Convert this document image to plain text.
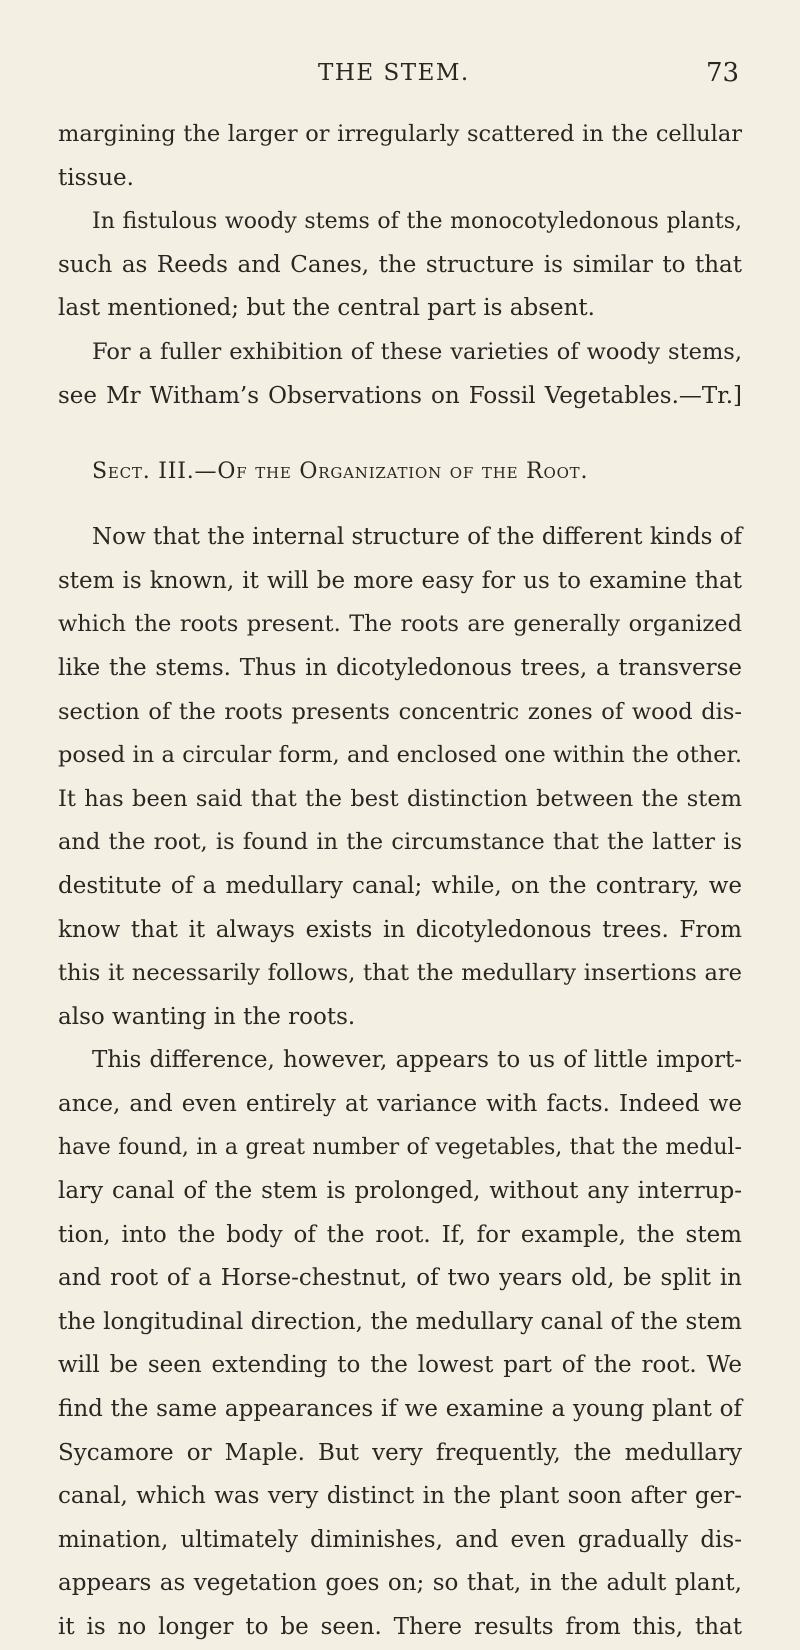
THE STEM.	73
margining the larger or irregularly scattered in the cellular
tissue.
In fistulous woody stems of the monocotyledonous plants,
such as Reeds and Canes, the structure is similar to that
last mentioned; but the central part is absent.
For a fuller exhibition of these varieties of woody stems,
see Mr Witham’s Observations on Fossil Vegetables.—Tr.]
Sect. III.—Of the Organization of the Root.
Now that the internal structure of the different kinds of
stem is known, it will be more easy for us to examine that
which the roots present. The roots are generally organized
like the stems. Thus in dicotyledonous trees, a transverse
section of the roots presents concentric zones of wood dis-
posed in a circular form, and enclosed one within the other.
It has been said that the best distinction between the stem
and the root, is found in the circumstance that the latter is
destitute of a medullary canal; while, on the contrary, we
know that it always exists in dicotyledonous trees. From
this it necessarily follows, that the medullary insertions are
also wanting in the roots.
This difference, however, appears to us of little import-
ance, and even entirely at variance with facts. Indeed we
have found, in a great number of vegetables, that the medul-
lary canal of the stem is prolonged, without any interrup-
tion, into the body of the root. If, for example, the stem
and root of a Horse-chestnut, of two years old, be split in
the longitudinal direction, the medullary canal of the stem
will be seen extending to the lowest part of the root. We
find the same appearances if we examine a young plant of
Sycamore or Maple. But very frequently, the medullary
canal, which was very distinct in the plant soon after ger-
mination, ultimately diminishes, and even gradually dis-
appears as vegetation goes on; so that, in the adult plant,
it is no longer to be seen. There results from this, that
